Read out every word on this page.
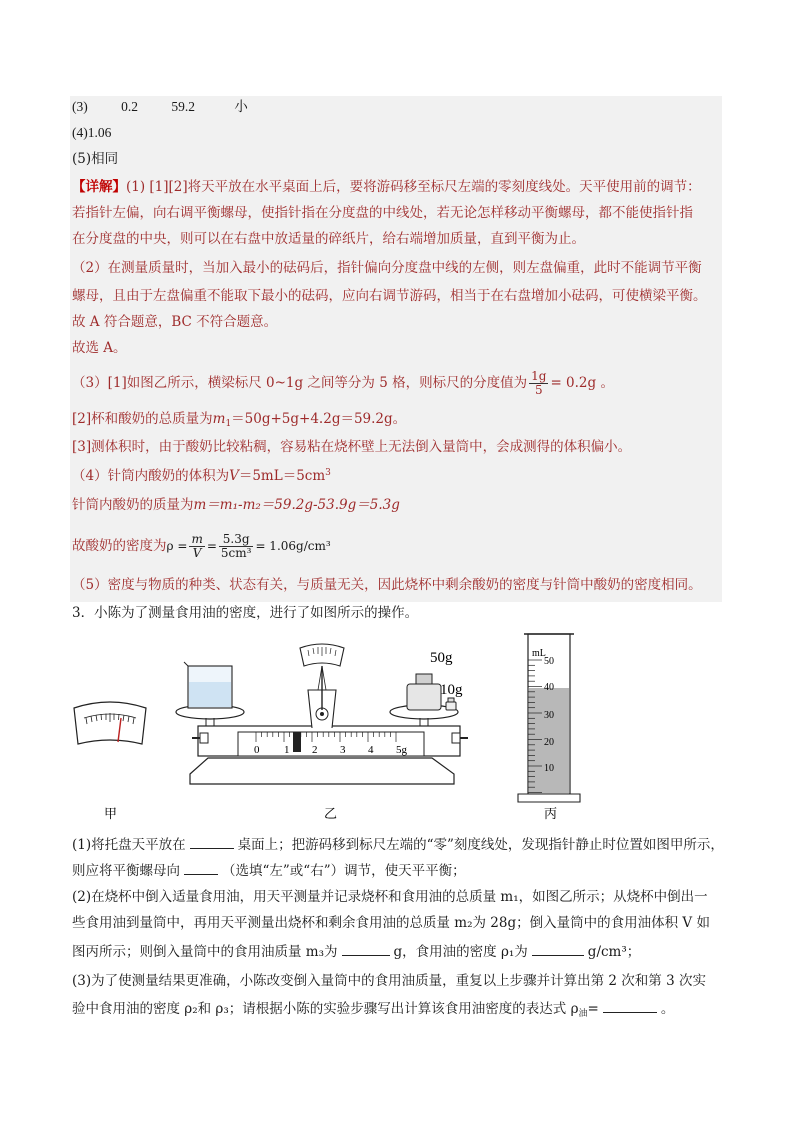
(3) 0.2 59.2	小
(4)1.06
(5)相同
【详解】(1) [1][2]将天平放在水平桌面上后，要将游码移至标尺左端的零刻度线处。天平使用前的调节：
若指针左偏，向右调平衡螺母，使指针指在分度盘的中线处，若无论怎样移动平衡螺母，都不能使指针指
在分度盘的中央，则可以在右盘中放适量的碎纸片，给右端增加质量，直到平衡为止。
（2）在测量质量时，当加入最小的砝码后，指针偏向分度盘中线的左侧，则左盘偏重，此时不能调节平衡
螺母，且由于左盘偏重不能取下最小的砝码，应向右调节游码，相当于在右盘增加小砝码，可使横梁平衡。
故 A 符合题意，BC 不符合题意。
故选 A。
（3）[1]如图乙所示，横梁标尺 0~1g 之间等分为 5 格，则标尺的分度值为 $\frac{1g}{5} = 0.2g$ 。
[2]杯和酸奶的总质量为$m_1=50g+5g+4.2g=59.2g$。
[3]测体积时，由于酸奶比较粘稠，容易粘在烧杯壁上无法倒入量筒中，会成测得的体积偏小。
（4）针筒内酸奶的体积为$V=5mL=5cm^3$
针筒内酸奶的质量为m＝m₁-m₂＝59.2g-53.9g＝5.3g
故酸奶的密度为 $\rho = \frac{m}{V} = \frac{5.3g}{\text{5cm³}} = 1.06g/cm^3$
（5）密度与物质的种类、状态有关，与质量无关，因此烧杯中剩余酸奶的密度与针筒中酸奶的密度相同。
3．小陈为了测量食用油的密度，进行了如图所示的操作。
50g
10g
0 1 2 3 4 5g
mL
50
40
30
20
10
甲	乙	丙
(1)将托盘天平放在	桌面上；把游码移到标尺左端的“零”刻度线处，发现指针静止时位置如图甲所示，
则应将平衡螺母向	（选填“左”或“右”）调节，使天平平衡；
(2)在烧杯中倒入适量食用油，用天平测量并记录烧杯和食用油的总质量 m₁，如图乙所示；从烧杯中倒出一
些食用油到量筒中，再用天平测量出烧杯和剩余食用油的总质量 m₂为 28g；倒入量筒中的食用油体积 V 如
图丙所示；则倒入量筒中的食用油质量 m₃为	g，食用油的密度 ρ₁为	g/cm³；
(3)为了使测量结果更准确，小陈改变倒入量筒中的食用油质量，重复以上步骤并计算出第 2 次和第 3 次实
验中食用油的密度 ρ₂和 ρ₃；请根据小陈的实验步骤写出计算该食用油密度的表达式 $\rho_油=$	。
